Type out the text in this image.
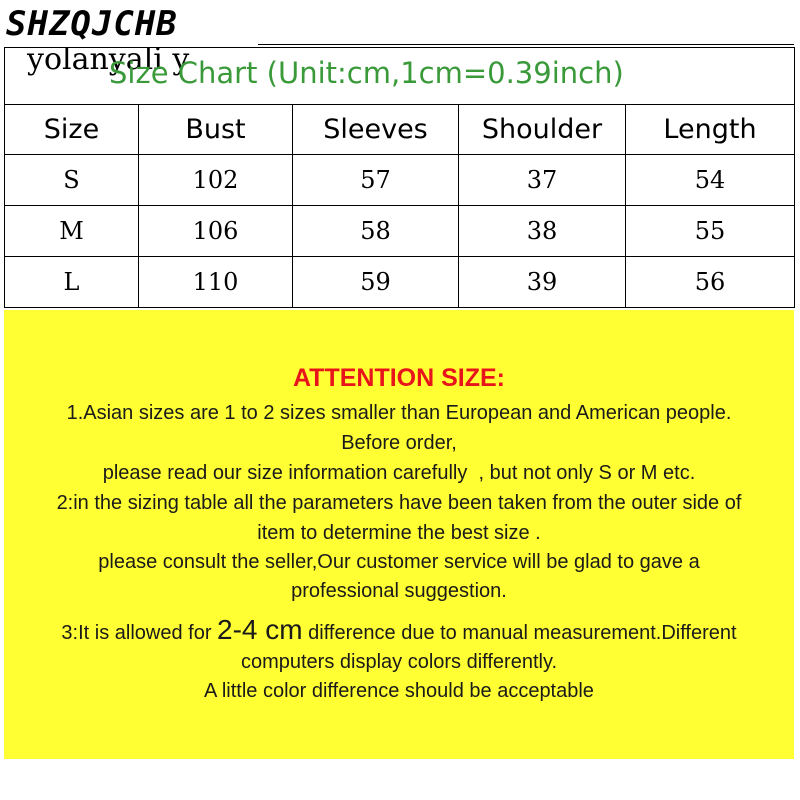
SHZQJCHB
yolanyali y
Size Chart (Unit:cm,1cm=0.39inch)
Size	Bust	Sleeves	Shoulder	Length
S	102	57	37	54
M	106	58	38	55
L	110	59	39	56
ATTENTION SIZE:
1.Asian sizes are 1 to 2 sizes smaller than European and American people.
Before order,
please read our size information carefully  , but not only S or M etc.
2:in the sizing table all the parameters have been taken from the outer side of
item to determine the best size .
please consult the seller,Our customer service will be glad to gave a
professional suggestion.
3:It is allowed for 2-4 cm difference due to manual measurement.Different
computers display colors differently.
A little color difference should be acceptable
